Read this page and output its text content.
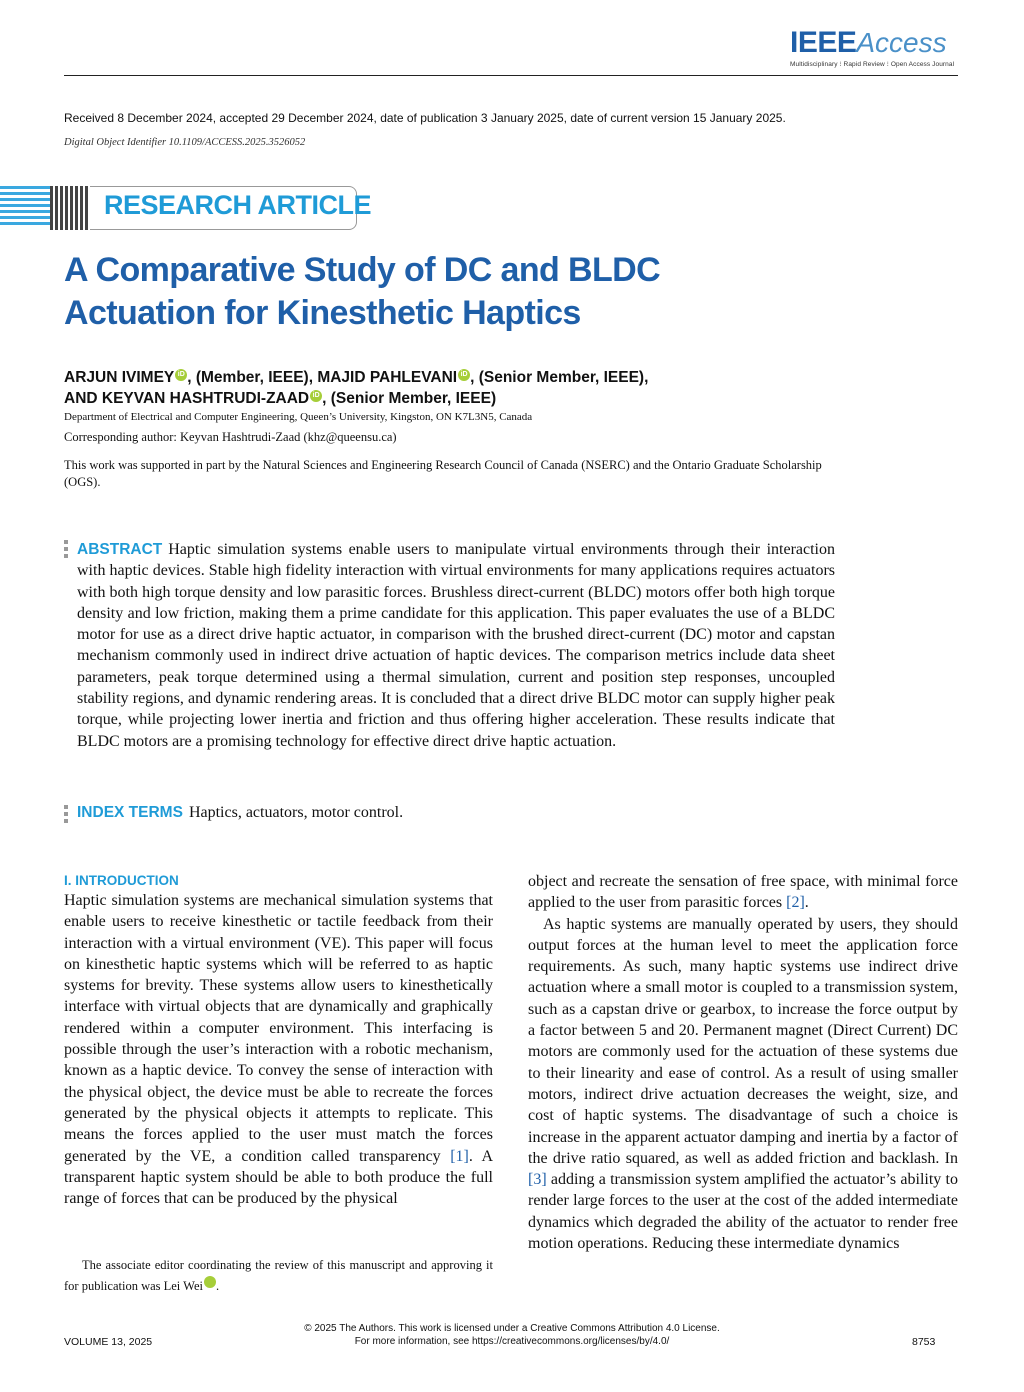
IEEEAccess
Multidisciplinary ⁝ Rapid Review ⁝ Open Access Journal
Received 8 December 2024, accepted 29 December 2024, date of publication 3 January 2025, date of current version 15 January 2025.
Digital Object Identifier 10.1109/ACCESS.2025.3526052
RESEARCH ARTICLE
A Comparative Study of DC and BLDC
Actuation for Kinesthetic Haptics
ARJUN IVIMEY iD , (Member, IEEE), MAJID PAHLEVANI iD , (Senior Member, IEEE),
AND KEYVAN HASHTRUDI-ZAAD iD , (Senior Member, IEEE)
Department of Electrical and Computer Engineering, Queen’s University, Kingston, ON K7L3N5, Canada
Corresponding author: Keyvan Hashtrudi-Zaad (khz@queensu.ca)
This work was supported in part by the Natural Sciences and Engineering Research Council of Canada (NSERC) and the Ontario Graduate Scholarship (OGS).
ABSTRACT Haptic simulation systems enable users to manipulate virtual environments through their interaction with haptic devices. Stable high fidelity interaction with virtual environments for many applications requires actuators with both high torque density and low parasitic forces. Brushless direct-current (BLDC) motors offer both high torque density and low friction, making them a prime candidate for this application. This paper evaluates the use of a BLDC motor for use as a direct drive haptic actuator, in comparison with the brushed direct-current (DC) motor and capstan mechanism commonly used in indirect drive actuation of haptic devices. The comparison metrics include data sheet parameters, peak torque determined using a thermal simulation, current and position step responses, uncoupled stability regions, and dynamic rendering areas. It is concluded that a direct drive BLDC motor can supply higher peak torque, while projecting lower inertia and friction and thus offering higher acceleration. These results indicate that BLDC motors are a promising technology for effective direct drive haptic actuation.
INDEX TERMS Haptics, actuators, motor control.
I. INTRODUCTION

Haptic simulation systems are mechanical simulation systems that enable users to receive kinesthetic or tactile feedback from their interaction with a virtual environment (VE). This paper will focus on kinesthetic haptic systems which will be referred to as haptic systems for brevity. These systems allow users to kinesthetically interface with virtual objects that are dynamically and graphically rendered within a computer environment. This interfacing is possible through the user’s interaction with a robotic mechanism, known as a haptic device. To convey the sense of interaction with the physical object, the device must be able to recreate the forces generated by the physical objects it attempts to replicate. This means the forces applied to the user must match the forces generated by the VE, a condition called transparency [1]. A transparent haptic system should be able to both produce the full range of forces that can be produced by the physical

The associate editor coordinating the review of this manuscript and approving it for publication was Lei Wei	iD.

object and recreate the sensation of free space, with minimal force applied to the user from parasitic forces [2].

As haptic systems are manually operated by users, they should output forces at the human level to meet the application force requirements. As such, many haptic systems use indirect drive actuation where a small motor is coupled to a transmission system, such as a capstan drive or gearbox, to increase the force output by a factor between 5 and 20. Permanent magnet (Direct Current) DC motors are commonly used for the actuation of these systems due to their linearity and ease of control. As a result of using smaller motors, indirect drive actuation decreases the weight, size, and cost of haptic systems. The disadvantage of such a choice is increase in the apparent actuator damping and inertia by a factor of the drive ratio squared, as well as added friction and backlash. In [3] adding a transmission system amplified the actuator’s ability to render large forces to the user at the cost of the added intermediate dynamics which degraded the ability of the actuator to render free motion operations. Reducing these intermediate dynamics

© 2025 The Authors. This work is licensed under a Creative Commons Attribution 4.0 License.
For more information, see https://creativecommons.org/licenses/by/4.0/
VOLUME 13, 2025	8753
